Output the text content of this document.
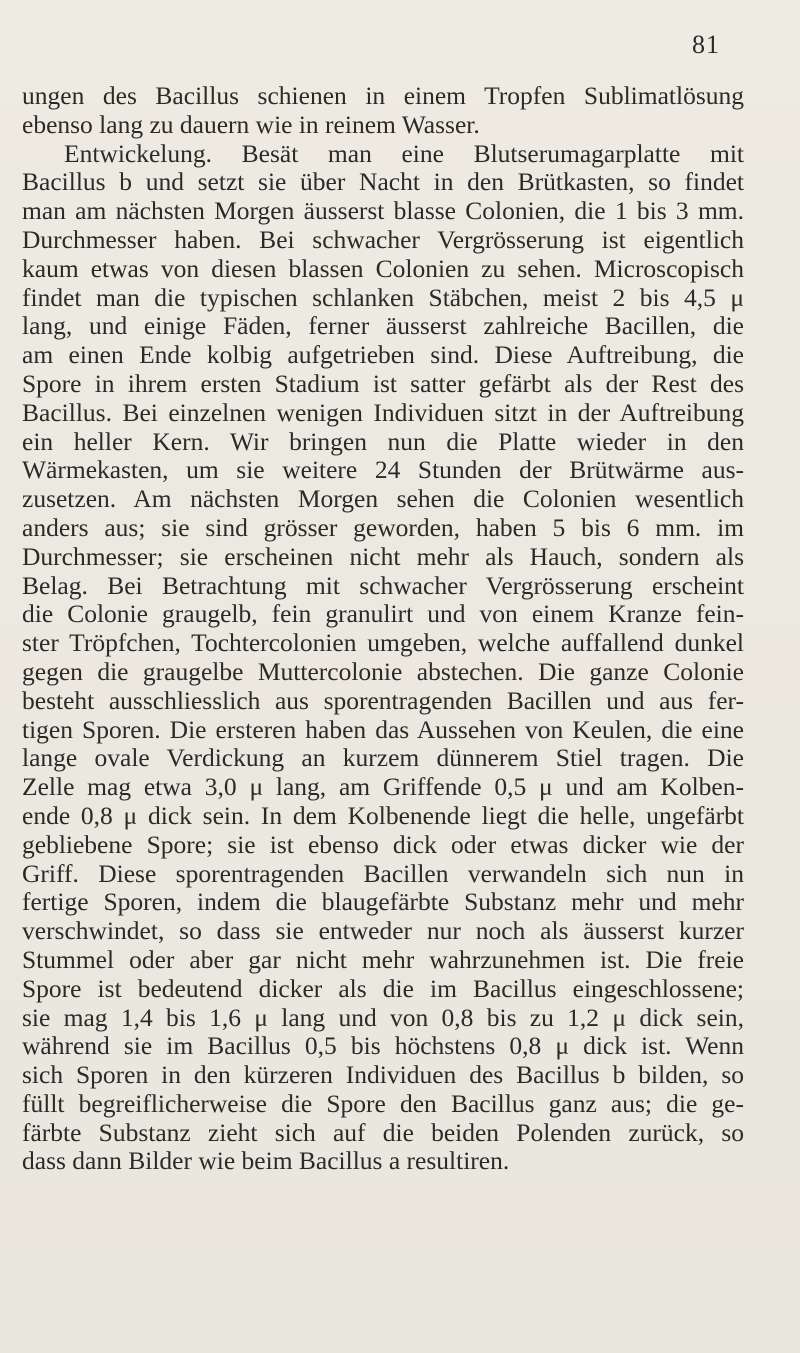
81
ungen des Bacillus schienen in einem Tropfen Sublimatlösung
ebenso lang zu dauern wie in reinem Wasser.
Entwickelung. Besät man eine Blutserumagarplatte mit
Bacillus b und setzt sie über Nacht in den Brütkasten, so findet
man am nächsten Morgen äusserst blasse Colonien, die 1 bis 3 mm.
Durchmesser haben. Bei schwacher Vergrösserung ist eigentlich
kaum etwas von diesen blassen Colonien zu sehen. Microscopisch
findet man die typischen schlanken Stäbchen, meist 2 bis 4,5 μ
lang, und einige Fäden, ferner äusserst zahlreiche Bacillen, die
am einen Ende kolbig aufgetrieben sind. Diese Auftreibung, die
Spore in ihrem ersten Stadium ist satter gefärbt als der Rest des
Bacillus. Bei einzelnen wenigen Individuen sitzt in der Auftreibung
ein heller Kern. Wir bringen nun die Platte wieder in den
Wärmekasten, um sie weitere 24 Stunden der Brütwärme aus-
zusetzen. Am nächsten Morgen sehen die Colonien wesentlich
anders aus; sie sind grösser geworden, haben 5 bis 6 mm. im
Durchmesser; sie erscheinen nicht mehr als Hauch, sondern als
Belag. Bei Betrachtung mit schwacher Vergrösserung erscheint
die Colonie graugelb, fein granulirt und von einem Kranze fein-
ster Tröpfchen, Tochtercolonien umgeben, welche auffallend dunkel
gegen die graugelbe Muttercolonie abstechen. Die ganze Colonie
besteht ausschliesslich aus sporentragenden Bacillen und aus fer-
tigen Sporen. Die ersteren haben das Aussehen von Keulen, die eine
lange ovale Verdickung an kurzem dünnerem Stiel tragen. Die
Zelle mag etwa 3,0 μ lang, am Griffende 0,5 μ und am Kolben-
ende 0,8 μ dick sein. In dem Kolbenende liegt die helle, ungefärbt
gebliebene Spore; sie ist ebenso dick oder etwas dicker wie der
Griff. Diese sporentragenden Bacillen verwandeln sich nun in
fertige Sporen, indem die blaugefärbte Substanz mehr und mehr
verschwindet, so dass sie entweder nur noch als äusserst kurzer
Stummel oder aber gar nicht mehr wahrzunehmen ist. Die freie
Spore ist bedeutend dicker als die im Bacillus eingeschlossene;
sie mag 1,4 bis 1,6 μ lang und von 0,8 bis zu 1,2 μ dick sein,
während sie im Bacillus 0,5 bis höchstens 0,8 μ dick ist. Wenn
sich Sporen in den kürzeren Individuen des Bacillus b bilden, so
füllt begreiflicherweise die Spore den Bacillus ganz aus; die ge-
färbte Substanz zieht sich auf die beiden Polenden zurück, so
dass dann Bilder wie beim Bacillus a resultiren.
